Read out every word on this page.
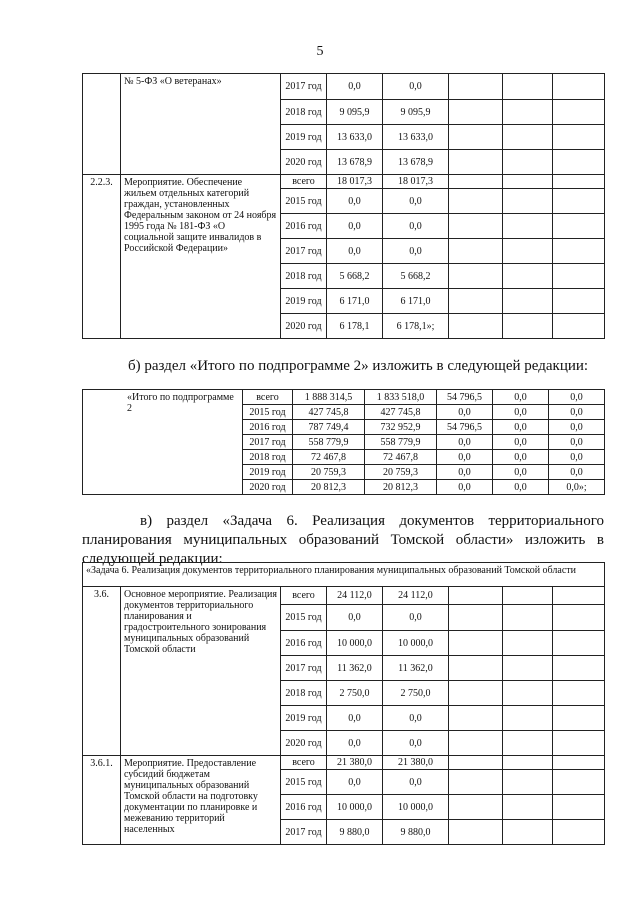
5
	№ 5-ФЗ «О ветеранах»	2017 год	0,0	0,0			
		2018 год	9 095,9	9 095,9			
		2019 год	13 633,0	13 633,0			
		2020 год	13 678,9	13 678,9			
2.2.3.	Мероприятие. Обеспечение жильем отдельных категорий граждан, установленных Федеральным законом от 24 ноября 1995 года № 181-ФЗ «О социальной защите инвалидов в Российской Федерации»	всего	18 017,3	18 017,3			
		2015 год	0,0	0,0			
		2016 год	0,0	0,0			
		2017 год	0,0	0,0			
		2018 год	5 668,2	5 668,2			
		2019 год	6 171,0	6 171,0			
		2020 год	6 178,1	6 178,1»;			
б) раздел «Итого по подпрограмме 2» изложить в следующей редакции:
«Итого по подпрограмме 2	всего	1 888 314,5	1 833 518,0	54 796,5	0,0	0,0
	2015 год	427 745,8	427 745,8	0,0	0,0	0,0
	2016 год	787 749,4	732 952,9	54 796,5	0,0	0,0
	2017 год	558 779,9	558 779,9	0,0	0,0	0,0
	2018 год	72 467,8	72 467,8	0,0	0,0	0,0
	2019 год	20 759,3	20 759,3	0,0	0,0	0,0
	2020 год	20 812,3	20 812,3	0,0	0,0	0,0»;
в) раздел «Задача 6. Реализация документов территориального планирования муниципальных образований Томской области» изложить в следующей редакции:
«Задача 6. Реализация документов территориального планирования муниципальных образований Томской области							
3.6.	Основное мероприятие. Реализация документов территориального планирования и градостроительного зонирования муниципальных образований Томской области	всего	24 112,0	24 112,0			
		2015 год	0,0	0,0			
		2016 год	10 000,0	10 000,0			
		2017 год	11 362,0	11 362,0			
		2018 год	2 750,0	2 750,0			
		2019 год	0,0	0,0			
		2020 год	0,0	0,0			
3.6.1.	Мероприятие. Предоставление субсидий бюджетам муниципальных образований Томской области на подготовку документации по планировке и межеванию территорий населенных	всего	21 380,0	21 380,0			
		2015 год	0,0	0,0			
		2016 год	10 000,0	10 000,0			
		2017 год	9 880,0	9 880,0			
